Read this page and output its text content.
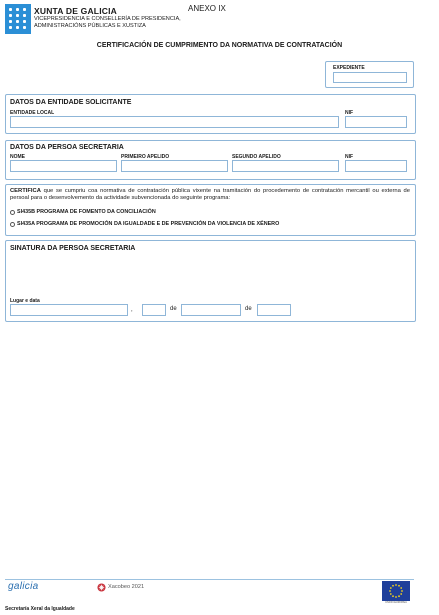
XUNTA DE GALICIA
VICEPRESIDENCIA E CONSELLERÍA DE PRESIDENCIA,
ADMINISTRACIÓNS PÚBLICAS E XUSTIZA
ANEXO IX
CERTIFICACIÓN DE CUMPRIMENTO DA NORMATIVA DE CONTRATACIÓN
EXPEDIENTE
DATOS DA ENTIDADE SOLICITANTE
ENTIDADE LOCAL	NIF
DATOS DA PERSOA SECRETARIA
NOME	PRIMEIRO APELIDO	SEGUNDO APELIDO	NIF
CERTIFICA que se cumpriu coa normativa de contratación pública vixente na tramitación do procedemento de contratación mercantil ou externa de persoal para o desenvolvemento da actividade subvencionada do seguinte programa:
SI435B PROGRAMA DE FOMENTO DA CONCILIACIÓN
SI435A PROGRAMA DE PROMOCIÓN DA IGUALDADE E DE PREVENCIÓN DA VIOLENCIA DE XÉNERO
SINATURA DA PERSOA SECRETARIA
Lugar e data
,	de	de
galicia	Xacobeo 2021
UNIÓN EUROPEA
Secretaría Xeral da Igualdade
